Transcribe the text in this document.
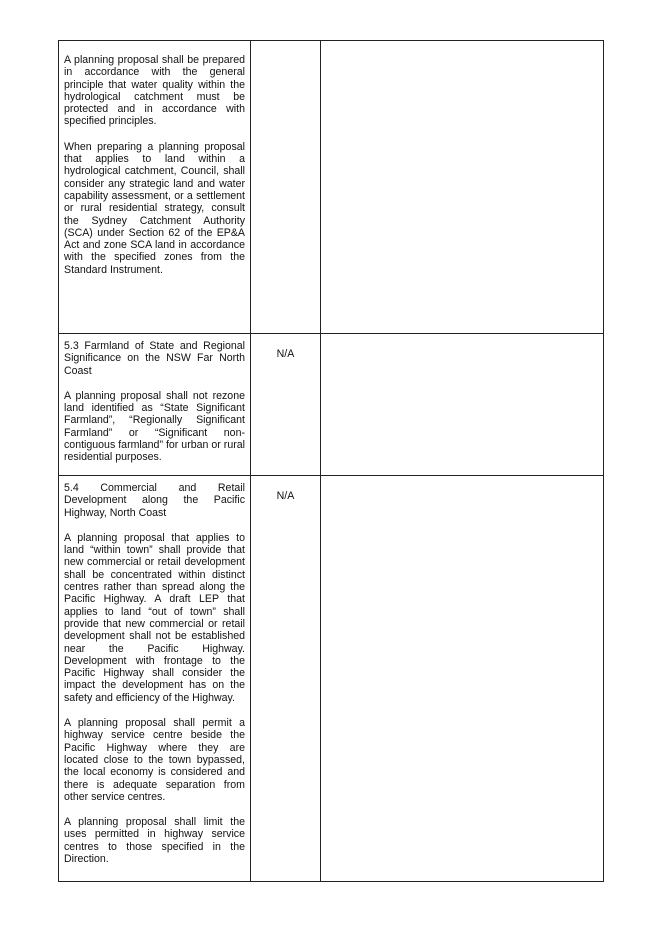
A planning proposal shall be prepared in accordance with the general principle that water quality within the hydrological catchment must be protected and in accordance with specified principles.
When preparing a planning proposal that applies to land within a hydrological catchment, Council, shall consider any strategic land and water capability assessment, or a settlement or rural residential strategy, consult the Sydney Catchment Authority (SCA) under Section 62 of the EP&A Act and zone SCA land in accordance with the specified zones from the Standard Instrument.		

5.3 Farmland of State and Regional Significance on the NSW Far North Coast
A planning proposal shall not rezone land identified as “State Significant Farmland”, “Regionally Significant Farmland” or “Significant non-contiguous farmland” for urban or rural residential purposes.	N/A	

5.4 Commercial and Retail Development along the Pacific Highway, North Coast
A planning proposal that applies to land “within town” shall provide that new commercial or retail development shall be concentrated within distinct centres rather than spread along the Pacific Highway. A draft LEP that applies to land “out of town” shall provide that new commercial or retail development shall not be established near the Pacific Highway. Development with frontage to the Pacific Highway shall consider the impact the development has on the safety and efficiency of the Highway.
A planning proposal shall permit a highway service centre beside the Pacific Highway where they are located close to the town bypassed, the local economy is considered and there is adequate separation from other service centres.
A planning proposal shall limit the uses permitted in highway service centres to those specified in the Direction.	N/A	
